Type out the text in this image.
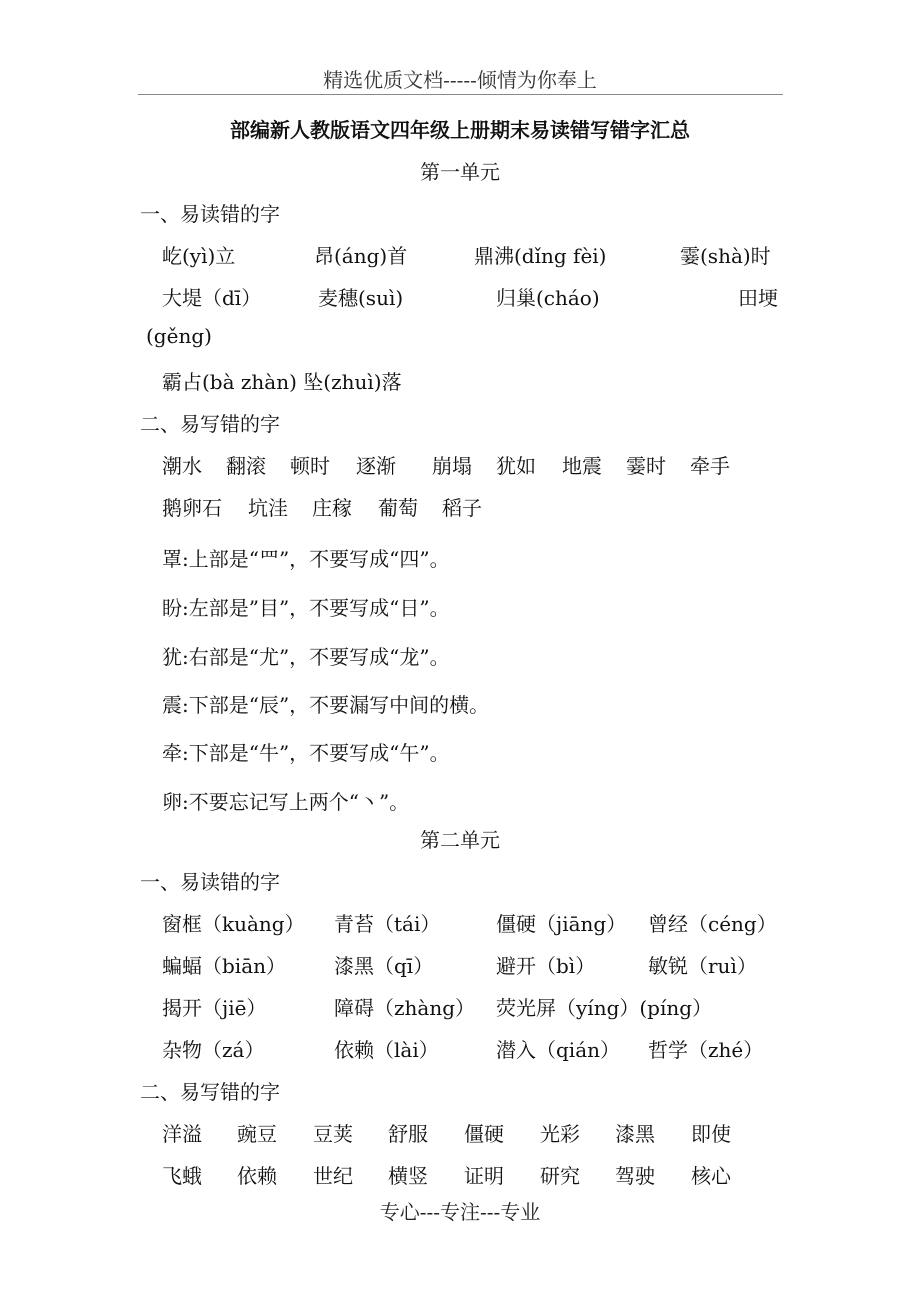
精选优质文档-----倾情为你奉上
部编新人教版语文四年级上册期末易读错写错字汇总
第一单元
一、易读错的字
屹(yì)立	昂(áng)首	鼎沸(dǐng fèi)	霎(shà)时
大堤（dī）	麦穗(suì)	归巢(cháo)	田埂
(gěng)
霸占(bà zhàn) 坠(zhuì)落
二、易写错的字
潮水 翻滚 顿时 逐渐 崩塌 犹如 地震 霎时 牵手
鹅卵石 坑洼 庄稼 葡萄 稻子
罩:上部是“罒”，不要写成“四”。
盼:左部是”目”，不要写成“日”。
犹:右部是“尤”，不要写成“龙”。
震:下部是“辰”，不要漏写中间的横。
牵:下部是“牛”，不要写成“午”。
卵:不要忘记写上两个“丶”。
第二单元
一、易读错的字
窗框（kuàng） 青苔（tái）	僵硬（jiāng） 曾经（céng）
蝙蝠（biān） 漆黑（qī）	避开（bì）	敏锐（ruì）
揭开（jiē）	障碍（zhàng） 荧光屏（yíng）(píng）
杂物（zá）	依赖（lài）	潜入（qián） 哲学（zhé）
二、易写错的字
洋溢 豌豆 豆荚 舒服 僵硬 光彩 漆黑 即使
飞蛾 依赖 世纪 横竖 证明 研究 驾驶 核心
专心---专注---专业
